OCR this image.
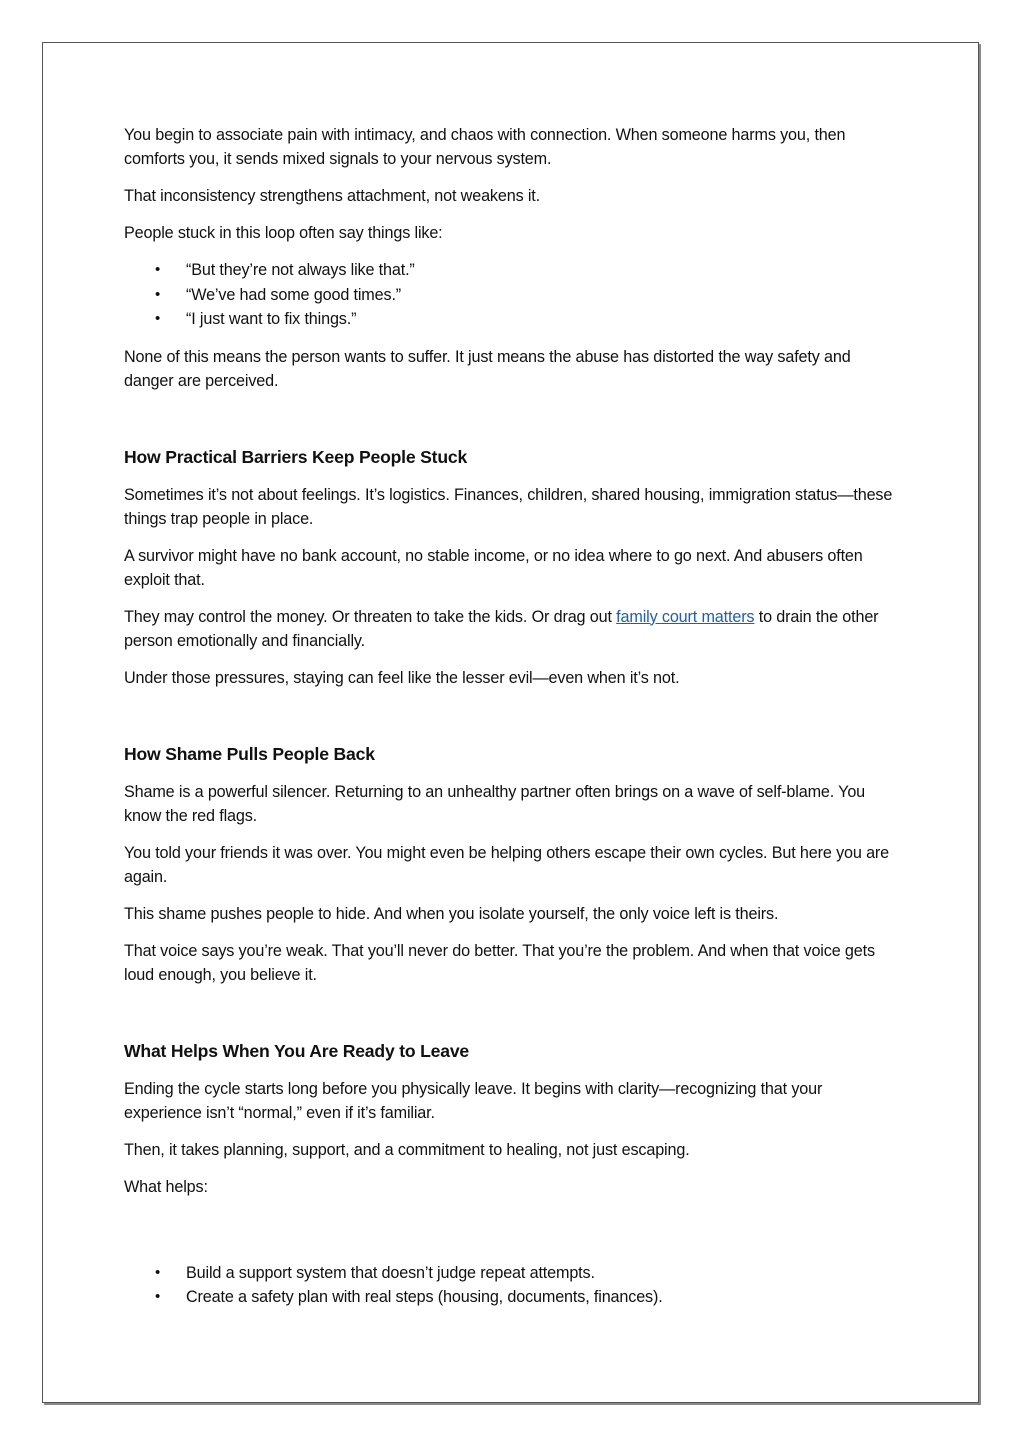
You begin to associate pain with intimacy, and chaos with connection. When someone harms you, then comforts you, it sends mixed signals to your nervous system.

That inconsistency strengthens attachment, not weakens it.

People stuck in this loop often say things like:

• “But they’re not always like that.”
• “We’ve had some good times.”
• “I just want to fix things.”

None of this means the person wants to suffer. It just means the abuse has distorted the way safety and danger are perceived.

How Practical Barriers Keep People Stuck

Sometimes it’s not about feelings. It’s logistics. Finances, children, shared housing, immigration status—these things trap people in place.

A survivor might have no bank account, no stable income, or no idea where to go next. And abusers often exploit that.

They may control the money. Or threaten to take the kids. Or drag out family court matters to drain the other person emotionally and financially.

Under those pressures, staying can feel like the lesser evil—even when it’s not.

How Shame Pulls People Back

Shame is a powerful silencer. Returning to an unhealthy partner often brings on a wave of self-blame. You know the red flags.

You told your friends it was over. You might even be helping others escape their own cycles. But here you are again.

This shame pushes people to hide. And when you isolate yourself, the only voice left is theirs.

That voice says you’re weak. That you’ll never do better. That you’re the problem. And when that voice gets loud enough, you believe it.

What Helps When You Are Ready to Leave

Ending the cycle starts long before you physically leave. It begins with clarity—recognizing that your experience isn’t “normal,” even if it’s familiar.

Then, it takes planning, support, and a commitment to healing, not just escaping.

What helps:

• Build a support system that doesn’t judge repeat attempts.
• Create a safety plan with real steps (housing, documents, finances).
